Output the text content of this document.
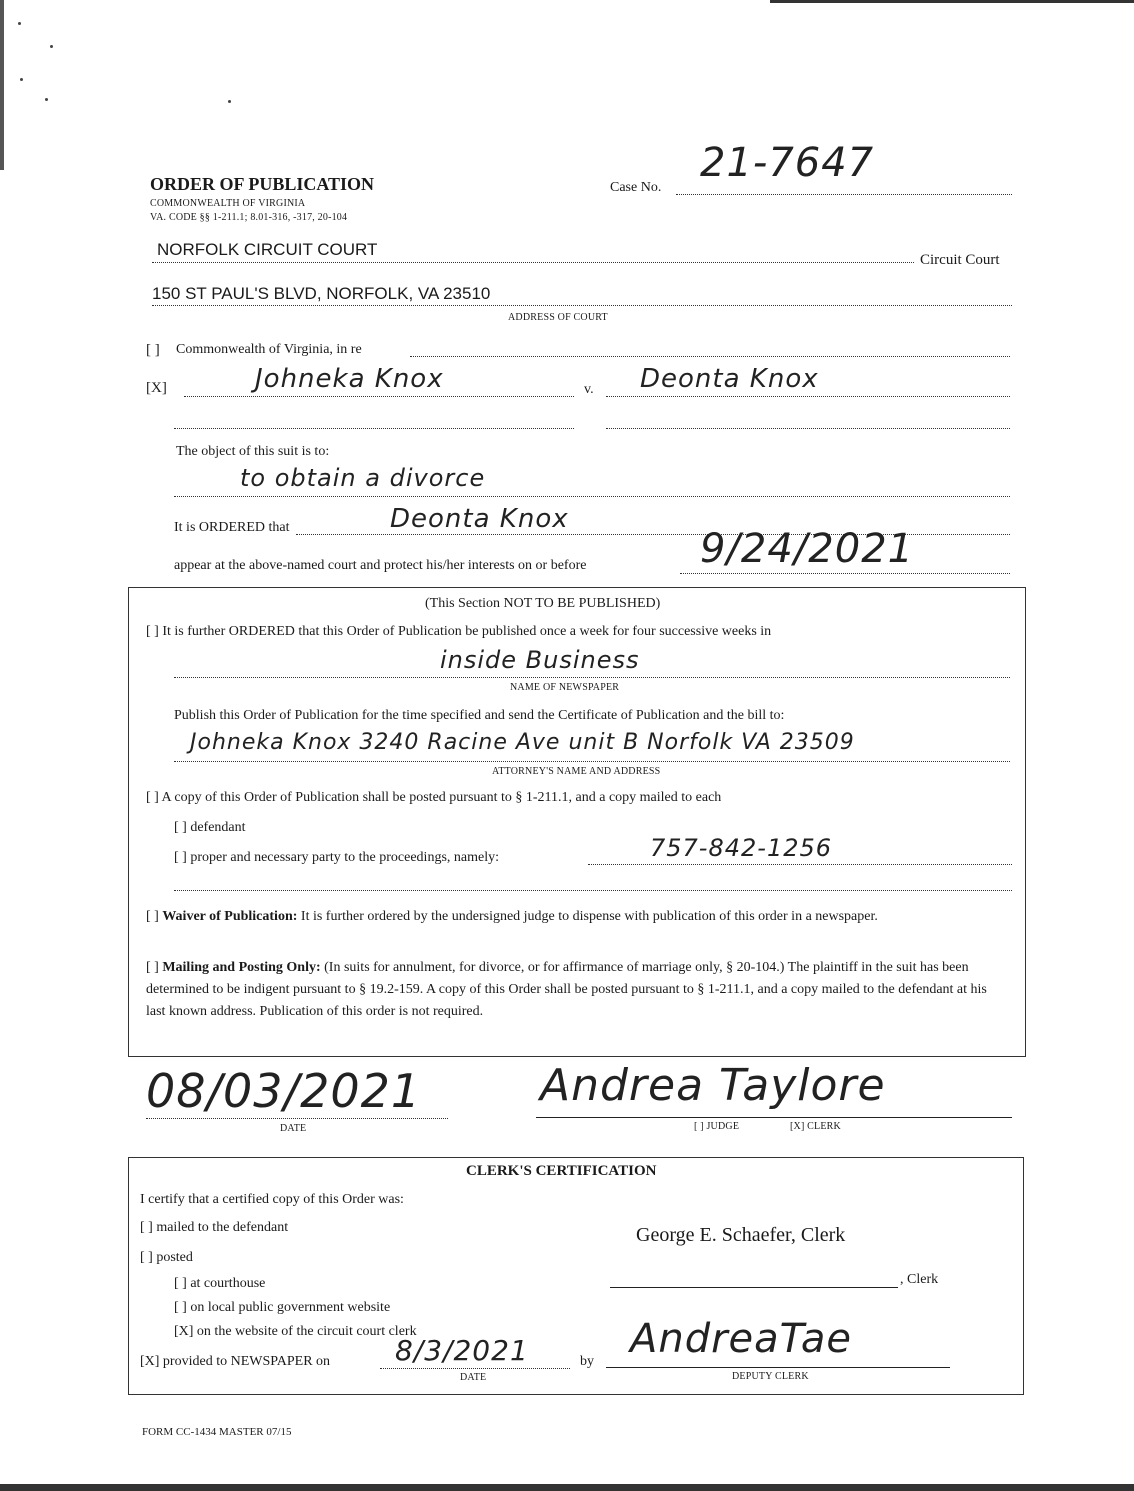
ORDER OF PUBLICATION
COMMONWEALTH OF VIRGINIA
VA. CODE §§ 1-211.1; 8.01-316, -317, 20-104
Case No.
21-7647
NORFOLK CIRCUIT COURT
Circuit Court
150 ST PAUL'S BLVD, NORFOLK, VA 23510
ADDRESS OF COURT
[ ] Commonwealth of Virginia, in re
[X]	Johneka Knox	v. Deonta Knox
The object of this suit is to:
to obtain a divorce
It is ORDERED that	Deonta Knox
appear at the above-named court and protect his/her interests on or before	9/24/2021
(This Section NOT TO BE PUBLISHED)
[ ] It is further ORDERED that this Order of Publication be published once a week for four successive weeks in
inside Business
NAME OF NEWSPAPER
Publish this Order of Publication for the time specified and send the Certificate of Publication and the bill to:
Johneka Knox 3240 Racine Ave unit B Norfolk VA 23509
ATTORNEY'S NAME AND ADDRESS
[ ] A copy of this Order of Publication shall be posted pursuant to § 1-211.1, and a copy mailed to each
[ ] defendant
[ ] proper and necessary party to the proceedings, namely:	757-842-1256
[ ] Waiver of Publication: It is further ordered by the undersigned judge to dispense with publication of this order in a newspaper.
[ ] Mailing and Posting Only: (In suits for annulment, for divorce, or for affirmance of marriage only, § 20-104.) The plaintiff in the suit has been determined to be indigent pursuant to § 19.2-159. A copy of this Order shall be posted pursuant to § 1-211.1, and a copy mailed to the defendant at his last known address. Publication of this order is not required.
08/03/2021
DATE
Andrea Taylore
[ ] JUDGE	[X] CLERK
CLERK'S CERTIFICATION
I certify that a certified copy of this Order was:
[ ] mailed to the defendant
[ ] posted
[ ] at courthouse
[ ] on local public government website
[X] on the website of the circuit court clerk
[X] provided to NEWSPAPER on 8/3/2021
DATE
by
George E. Schaefer, Clerk
, Clerk
AndreaTae
DEPUTY CLERK
FORM CC-1434 MASTER 07/15
